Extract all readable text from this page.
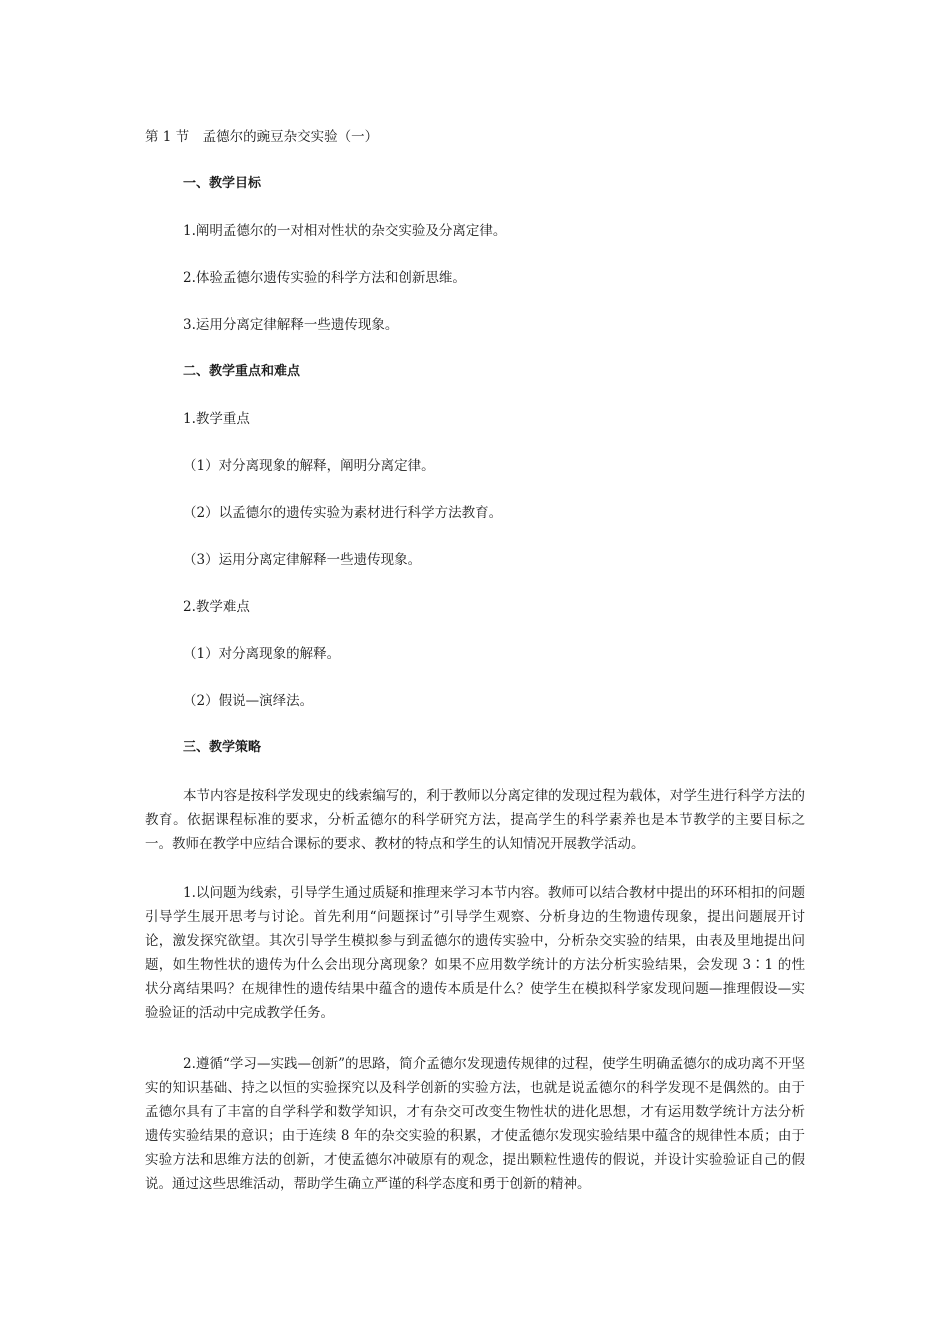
第 1 节　孟德尔的豌豆杂交实验（一）
一、教学目标
1.阐明孟德尔的一对相对性状的杂交实验及分离定律。
2.体验孟德尔遗传实验的科学方法和创新思维。
3.运用分离定律解释一些遗传现象。
二、教学重点和难点
1.教学重点
（1）对分离现象的解释，阐明分离定律。
（2）以孟德尔的遗传实验为素材进行科学方法教育。
（3）运用分离定律解释一些遗传现象。
2.教学难点
（1）对分离现象的解释。
（2）假说—演绎法。
三、教学策略
本节内容是按科学发现史的线索编写的，利于教师以分离定律的发现过程为载体，对学生进行科学方法的教育。依据课程标准的要求，分析孟德尔的科学研究方法，提高学生的科学素养也是本节教学的主要目标之一。教师在教学中应结合课标的要求、教材的特点和学生的认知情况开展教学活动。
1.以问题为线索，引导学生通过质疑和推理来学习本节内容。教师可以结合教材中提出的环环相扣的问题引导学生展开思考与讨论。首先利用“问题探讨”引导学生观察、分析身边的生物遗传现象，提出问题展开讨论，激发探究欲望。其次引导学生模拟参与到孟德尔的遗传实验中，分析杂交实验的结果，由表及里地提出问题，如生物性状的遗传为什么会出现分离现象？如果不应用数学统计的方法分析实验结果，会发现 3∶1 的性状分离结果吗？在规律性的遗传结果中蕴含的遗传本质是什么？使学生在模拟科学家发现问题—推理假设—实验验证的活动中完成教学任务。
2.遵循“学习—实践—创新”的思路，简介孟德尔发现遗传规律的过程，使学生明确孟德尔的成功离不开坚实的知识基础、持之以恒的实验探究以及科学创新的实验方法，也就是说孟德尔的科学发现不是偶然的。由于孟德尔具有了丰富的自学科学和数学知识，才有杂交可改变生物性状的进化思想，才有运用数学统计方法分析遗传实验结果的意识；由于连续 8 年的杂交实验的积累，才使孟德尔发现实验结果中蕴含的规律性本质；由于实验方法和思维方法的创新，才使孟德尔冲破原有的观念，提出颗粒性遗传的假说，并设计实验验证自己的假说。通过这些思维活动，帮助学生确立严谨的科学态度和勇于创新的精神。
